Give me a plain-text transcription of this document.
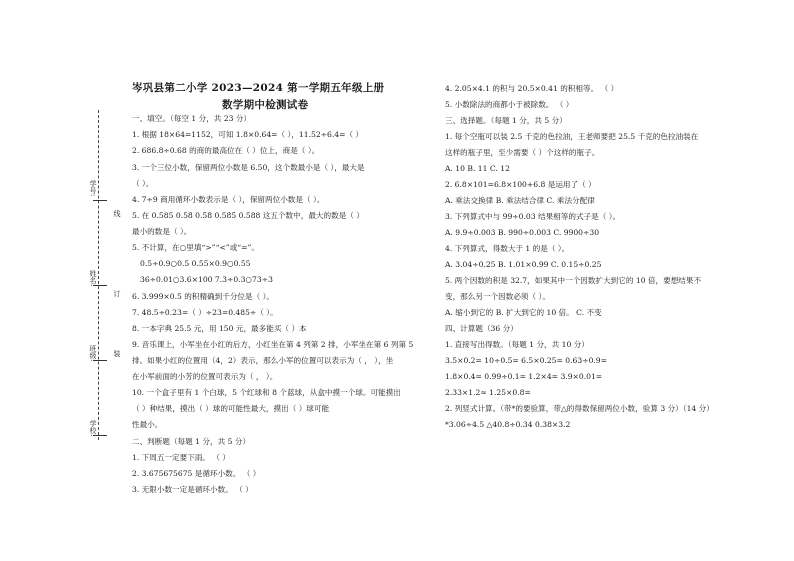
学号:
姓名:
班级:
学校:
线
订
装
岑巩县第二小学 2023—2024 第一学期五年级上册
数学期中检测试卷
一、填空。（每空 1 分，共 23 分）
1. 根据 18×64=1152，可知 1.8×0.64=（ ），11.52÷6.4=（ ）
2. 686.8÷0.68 的商的最高位在（ ）位上，商是（ ）。
3. 一个三位小数，保留两位小数是 6.50，这个数最小是（ ），最大是
（ ）。
4. 7÷9 商用循环小数表示是（ ），保留两位小数是（ ）。
5. 在 0.585 0.58̇ 0.5̇8̇ 0.58̇5̇ 0.588 这五个数中，最大的数是（ ）
最小的数是（ ）。
5. 不计算，在○里填“>”“<”或“=”。
0.5÷0.9○0.5 0.55×0.9○0.55
36÷0.01○3.6×100 7.3÷0.3○73÷3
6. 3.999×0.5 的积精确到千分位是（ ）。
7. 48.5÷0.23=（ ）÷23=0.485÷（ ）。
8. 一本字典 25.5 元，用 150 元，最多能买（ ）本
9. 音乐课上，小军坐在小红的后方，小红坐在第 4 列第 2 排，小军坐在第 6 列第 5
排。如果小红的位置用（4，2）表示，那么小军的位置可以表示为（ ， ），坐
在小军前面的小芳的位置可表示为（ ， ）。
10. 一个盒子里有 1 个白球，5 个红球和 8 个蓝球，从盒中摸一个球。可能摸出
（ ）种结果，摸出（ ）球的可能性最大，摸出（ ）球可能
性最小。
二、判断题（每题 1 分，共 5 分）
1. 下周五一定要下雨。 （ ）
2. 3.675675675 是循环小数。 （ ）
3. 无限小数一定是循环小数。 （ ）
4. 2.05×4.1 的积与 20.5×0.41 的积相等。 （ ）
5. 小数除法的商都小于被除数。 （ ）
三、选择题。（每题 1 分，共 5 分）
1. 每个空瓶可以装 2.5 千克的色拉油，王老师要把 25.5 千克的色拉油装在
这样的瓶子里，至少需要（ ）个这样的瓶子。
A. 10 B. 11 C. 12
2. 6.8×101=6.8×100+6.8 是运用了（ ）
A. 乘法交换律 B. 乘法结合律 C. 乘法分配律
3. 下列算式中与 99÷0.03 结果相等的式子是（ ）。
A. 9.9÷0.003 B. 990÷0.003 C. 9900÷30
4. 下列算式，得数大于 1 的是（ ）。
A. 3.04÷0.25 B. 1.01×0.99 C. 0.15÷0.25
5. 两个因数的积是 32.7，如果其中一个因数扩大到它的 10 倍，要想结果不
变，那么另一个因数必须（ ）。
A. 缩小到它的 B. 扩大到它的 10 倍。 C. 不变
四、计算题（36 分）
1. 直接写出得数。（每题 1 分，共 10 分）
3.5×0.2= 10÷0.5= 6.5×0.25= 0.63÷0.9=
1.8×0.4= 0.99÷0.1= 1.2×4= 3.9×0.01=
2.33×1.2≈ 1.25×0.8=
2. 列竖式计算。（带*的要验算，带△的得数保留两位小数，验算 3 分）（14 分）
*3.06÷4.5 △40.8÷0.34 0.38×3.2
